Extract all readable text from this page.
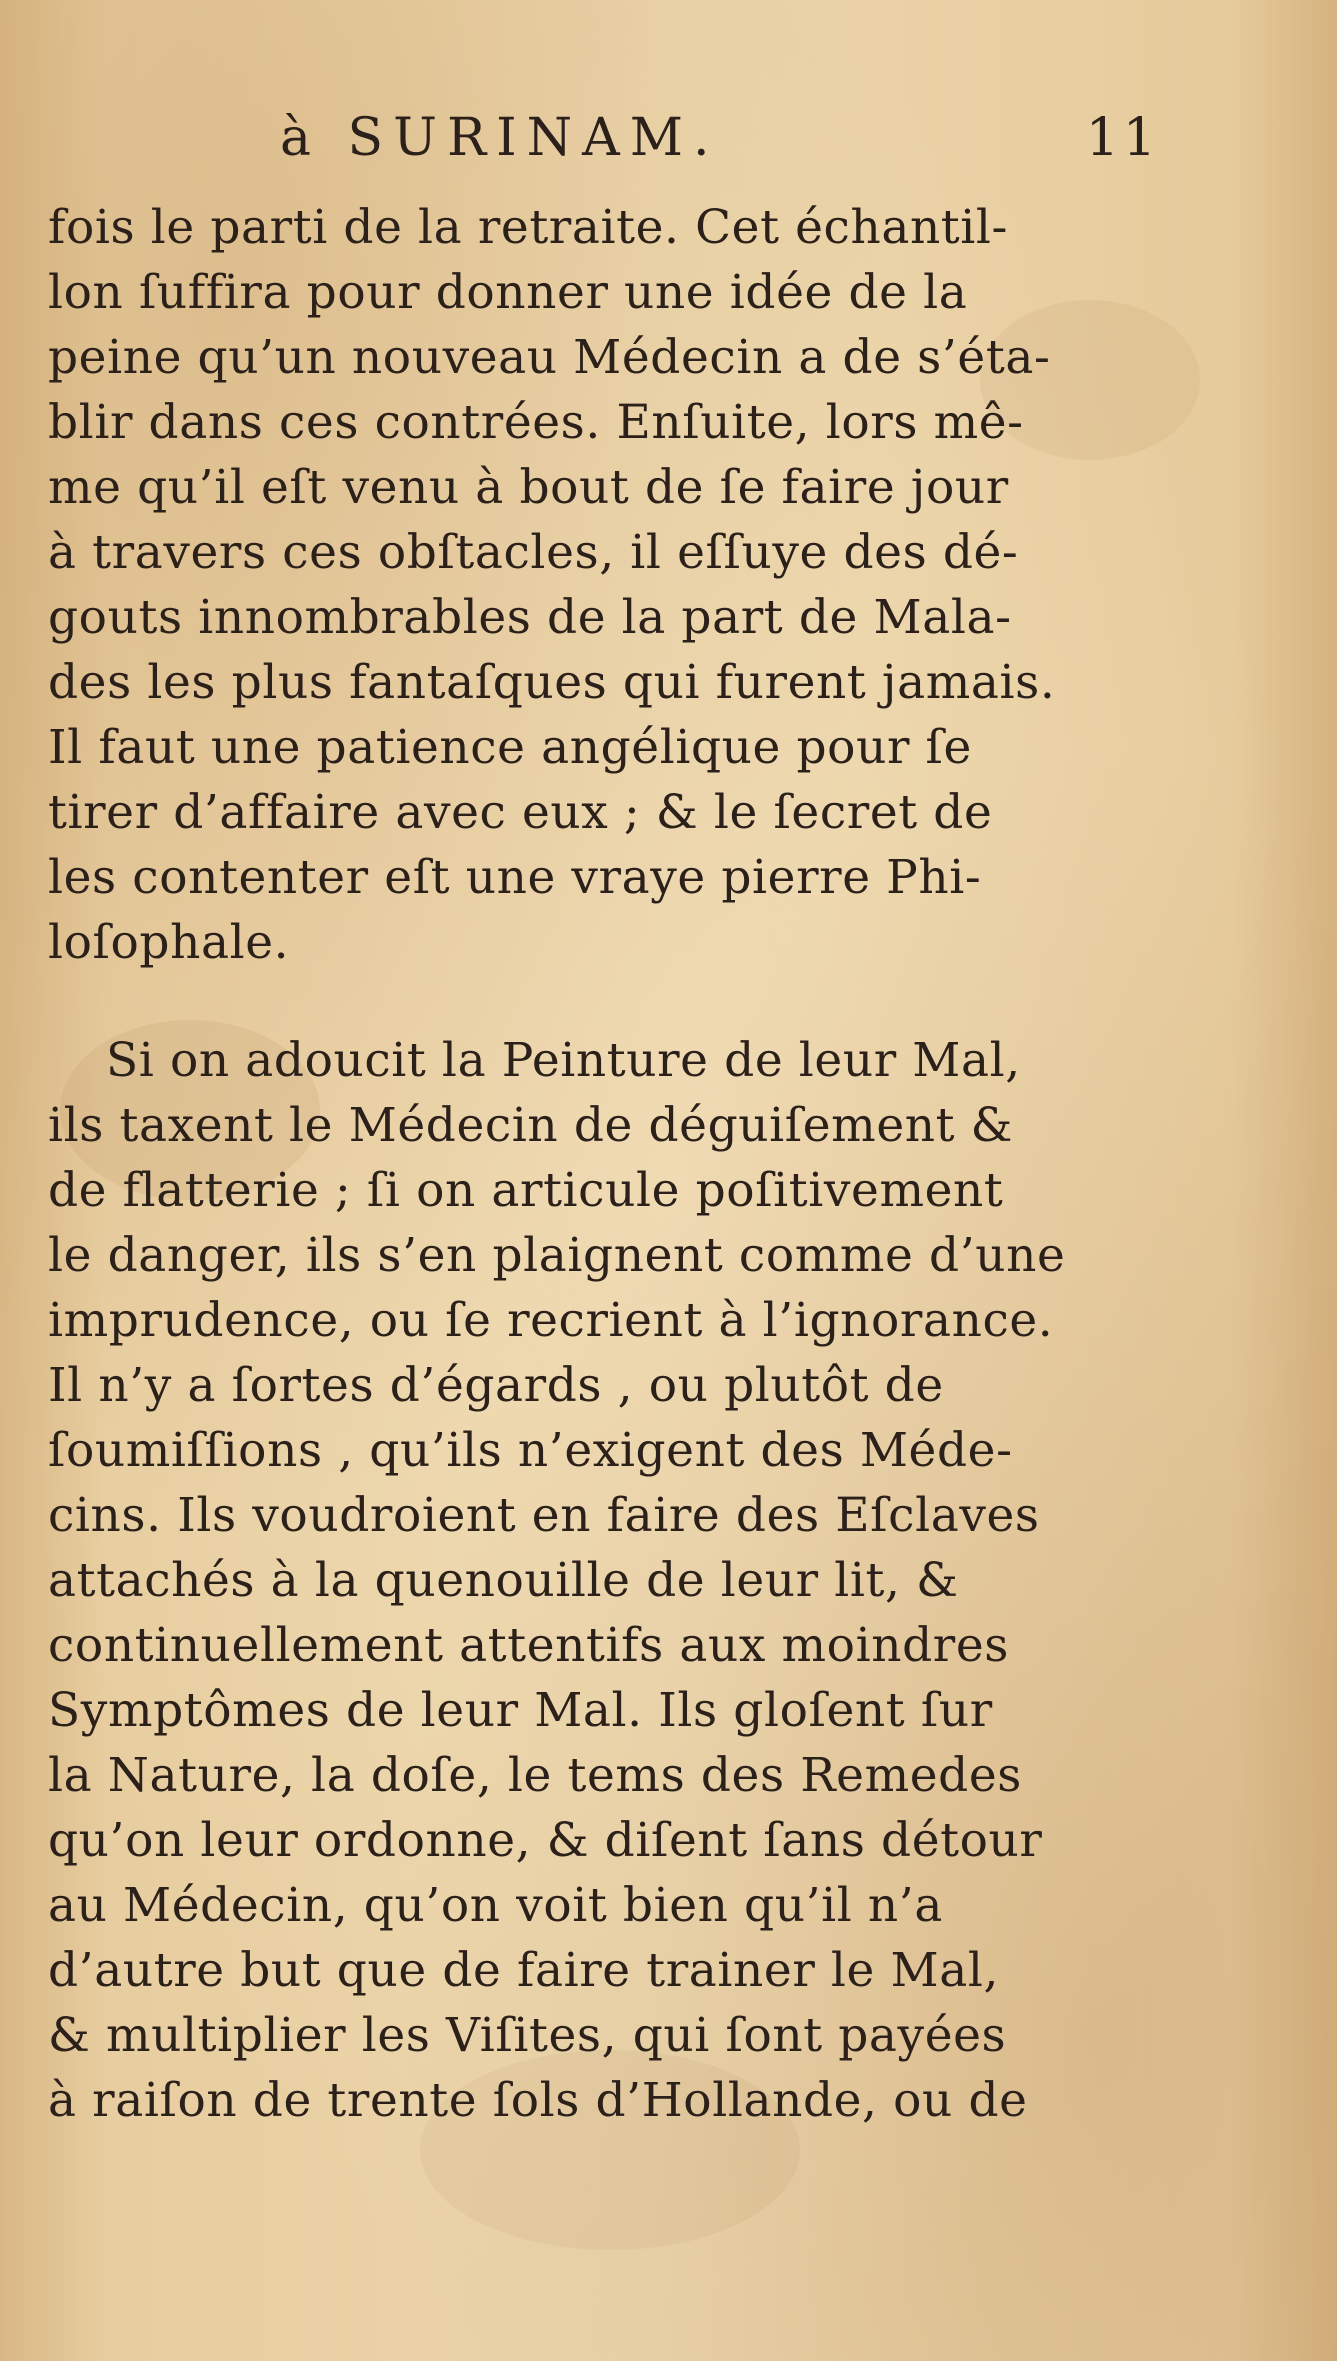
à SURINAM.	11
fois le parti de la retraite. Cet échantil-
lon ſuffira pour donner une idée de la
peine qu’un nouveau Médecin a de s’éta-
blir dans ces contrées. Enſuite, lors mê-
me qu’il eſt venu à bout de ſe faire jour
à travers ces obſtacles, il eſſuye des dé-
gouts innombrables de la part de Mala-
des les plus fantaſques qui furent jamais.
Il faut une patience angélique pour ſe
tirer d’affaire avec eux ; & le ſecret de
les contenter eſt une vraye pierre Phi-
loſophale.
Si on adoucit la Peinture de leur Mal,
ils taxent le Médecin de déguiſement &
de flatterie ; ſi on articule poſitivement
le danger, ils s’en plaignent comme d’une
imprudence, ou ſe recrient à l’ignorance.
Il n’y a ſortes d’égards , ou plutôt de
ſoumiſſions , qu’ils n’exigent des Méde-
cins. Ils voudroient en faire des Eſclaves
attachés à la quenouille de leur lit, &
continuellement attentifs aux moindres
Symptômes de leur Mal. Ils gloſent ſur
la Nature, la doſe, le tems des Remedes
qu’on leur ordonne, & diſent ſans détour
au Médecin, qu’on voit bien qu’il n’a
d’autre but que de faire trainer le Mal,
& multiplier les Viſites, qui ſont payées
à raiſon de trente ſols d’Hollande, ou de
